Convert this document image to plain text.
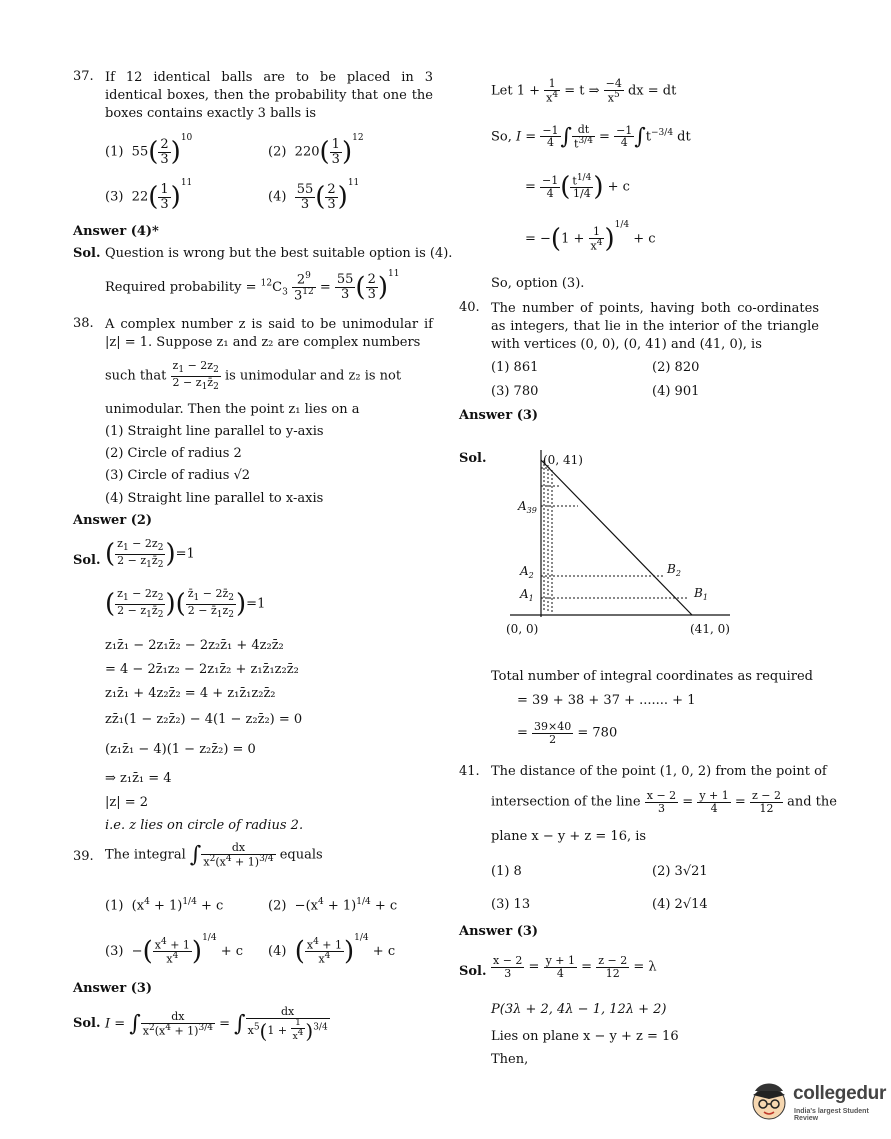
37. If 12 identical balls are to be placed in 3 identical boxes, then the probability that one the boxes contains exactly 3 balls is
(1)  $55( \frac{2}{3} )^{10}$
(2)  $220( \frac{1}{3} )^{12}$
(3)  $22( \frac{1}{3} )^{11}$
$(4) \frac{55}{3}$ ( $\frac{2}{3} )^{11}$
Answer (4)*
Sol. Question is wrong but the best suitable option is (4).
Required probability = $^{12}C_3 \frac{2^9}{3^{12}} = \frac{55}{3}$ ( $\frac{2}{3} )^{11}$
38. A complex number z is said to be unimodular if |z| = 1. Suppose z₁ and z₂ are complex numbers
such that $\frac{z_1 - 2z_2}{2 - z_1z̄_2}$ is unimodular and z₂ is not
unimodular. Then the point z₁ lies on a
(1) Straight line parallel to y-axis
(2) Circle of radius 2
(3) Circle of radius √2
(4) Straight line parallel to x-axis
Answer (2)
Sol. ( $\frac{z_1 - 2z_2}{2 - z_1z̄_2} )=1$
( $\frac{z_1 - 2z_2}{2 - z_1z̄_2}$ )( $\frac{z̄_1 - 2z̄_2}{2 - z̄_1z_2} )=1$
z₁z̄₁ − 2z₁z̄₂ − 2z₂z̄₁ + 4z₂z̄₂
= 4 − 2z̄₁z₂ − 2z₁z̄₂ + z₁z̄₁z₂z̄₂
z₁z̄₁ + 4z₂z̄₂ = 4 + z₁z̄₁z₂z̄₂
zz̄₁(1 − z₂z̄₂) − 4(1 − z₂z̄₂) = 0
(z₁z̄₁ − 4)(1 − z₂z̄₂) = 0
⇒ z₁z̄₁ = 4
|z| = 2
i.e. z lies on circle of radius 2.
39. The integral ∫ $\frac{dx}{x^2(x^4 + 1)^{3/4}}$ equals
(1)  $(x^4 + 1)^{1/4} + c$	$(2) -(x^4 + 1)^{1/4} + c$
(3)  −( $\frac{x^4 + 1}{x^4} )^{1/4} + c$ (4) ( $\frac{x^4 + 1}{x^4} )^{1/4} + c$
Answer (3)
Sol. I = ∫ $\frac{dx}{x^2(x^4 + 1)^{3/4}}$ = ∫ $\frac{dx}{x^5(1 + \frac{1}{x^4} )^{3/4}}$
Let $1 + \frac{1}{x^4} = t$ ⇒ $\frac{-4}{x^5}$ dx = dt
So, $I = \frac{-1}{4}$ ∫ $\frac{dt}{t^{3/4}} = \frac{-1}{4} \int t^{-3/4}$ dt
= $\frac{-1}{4}$ ( $\frac{t^{1/4}}{1/4}$ ) + c
= $-(1 + \frac{1}{x^4} )^{1/4} + c$
So, option (3).
40. The number of points, having both co-ordinates as integers, that lie in the interior of the triangle with vertices (0, 0), (0, 41) and (41, 0), is
(1) 861	(2) 820
(3) 780	(4) 901
Answer (3)
Sol.	(0, 41)
(0, 0)	(41, 0)
$A_{39}$
$A_2$
$A_1$
$B_2$
$B_1$
Total number of integral coordinates as required
= 39 + 38 + 37 + ....... + 1
= $\frac{39\times 40}{2} = 780$
41. The distance of the point (1, 0, 2) from the point of
intersection of the line $\frac{x - 2}{3} = \frac{y + 1}{4} = \frac{z - 2}{12}$ and the
plane x − y + z = 16, is
(1) 8	(2) 3√21
(3) 13	(4) 2√14
Answer (3)
Sol. $\frac{x - 2}{3} = \frac{y + 1}{4} = \frac{z - 2}{12} = \lambda$
P(3λ + 2, 4λ − 1, 12λ + 2)
Lies on plane x − y + z = 16
Then,
collegedur
India's largest Student Review
